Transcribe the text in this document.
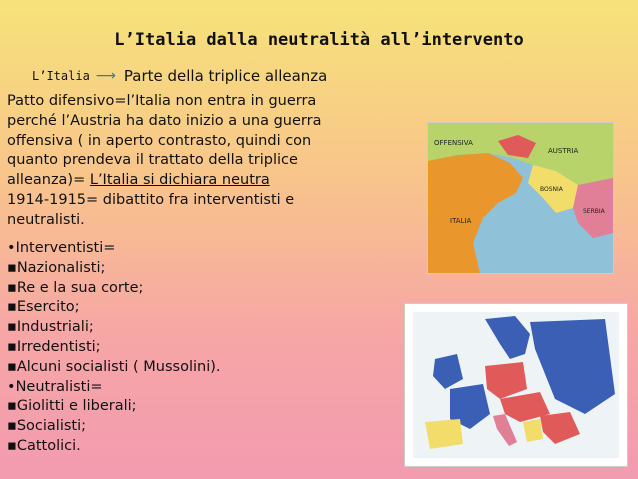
L’Italia dalla neutralità all’intervento
L’Italia ⟶ Parte della triplice alleanza
Patto difensivo=l’Italia non entra in guerra
perché l’Austria ha dato inizio a una guerra
offensiva ( in aperto contrasto, quindi con
quanto prendeva il trattato della triplice
alleanza)= L’Italia si dichiara neutra
1914-1915= dibattito fra interventisti e
neutralisti.
•Interventisti=
▪Nazionalisti;
▪Re e la sua corte;
▪Esercito;
▪Industriali;
▪Irredentisti;
▪Alcuni socialisti ( Mussolini).
•Neutralisti=
▪Giolitti e liberali;
▪Socialisti;
▪Cattolici.
OFFENSIVA
AUSTRIA
ITALIA
BOSNIA
SERBIA
